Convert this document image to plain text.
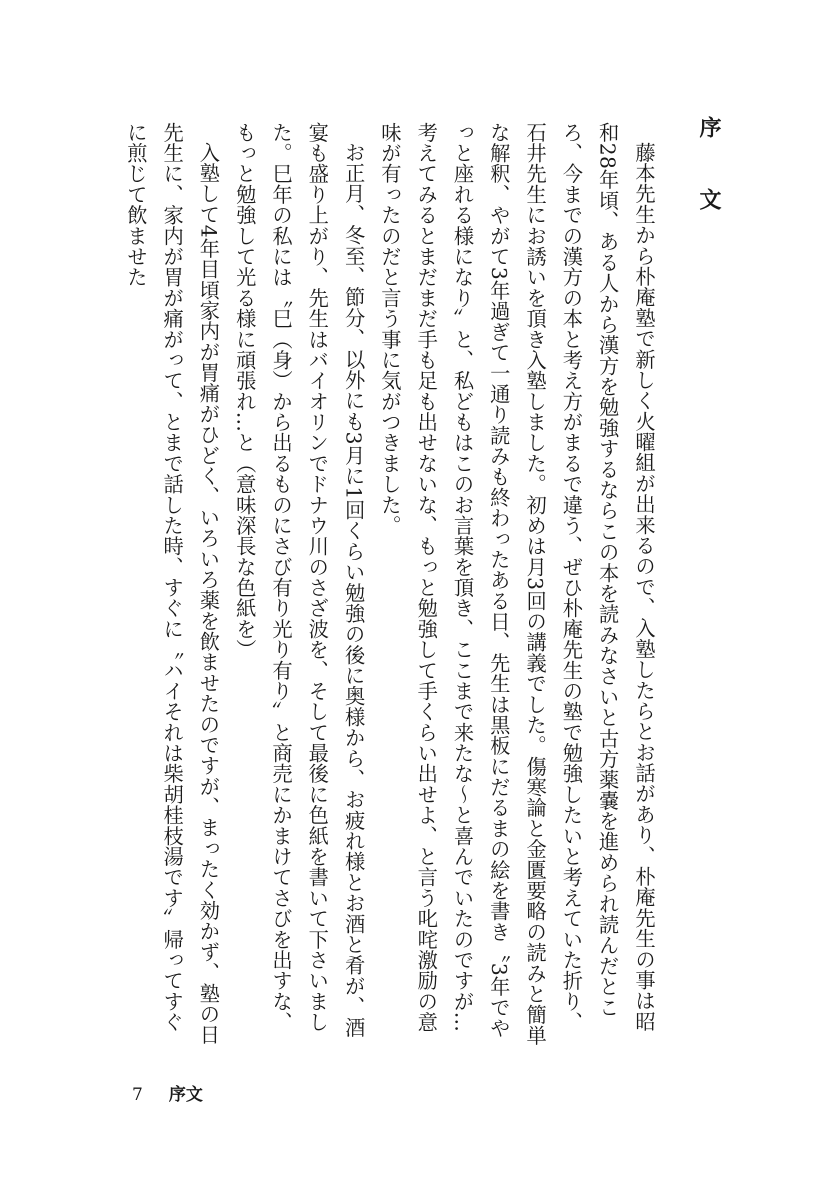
序　文

藤本先生から朴庵塾で新しく火曜組が出来るので、入塾したらとお話があり、朴庵先生の事は昭和28年頃、ある人から漢方を勉強するならこの本を読みなさいと古方薬嚢を進められ読んだところ、今までの漢方の本と考え方がまるで違う、ぜひ朴庵先生の塾で勉強したいと考えていた折り、石井先生にお誘いを頂き入塾しました。初めは月3回の講義でした。傷寒論と金匱要略の読みと簡単な解釈、やがて3年過ぎて一通り読みも終わったある日、先生は黒板にだるまの絵を書き〝3年でやっと座れる様になり〟と、私どもはこのお言葉を頂き、ここまで来たな〜と喜んでいたのですが…考えてみるとまだまだ手も足も出せないな、もっと勉強して手くらい出せよ、と言う叱咤激励の意味が有ったのだと言う事に気がつきました。

お正月、冬至、節分、以外にも3月に1回くらい勉強の後に奥様から、お疲れ様とお酒と肴が、酒宴も盛り上がり、先生はバイオリンでドナウ川のさざ波を、そして最後に色紙を書いて下さいました。巳年の私には〝巳（身）から出るものにさび有り光り有り〟と商売にかまけてさびを出すな、もっと勉強して光る様に頑張れ…と（意味深長な色紙を）

入塾して4年目頃家内が胃痛がひどく、いろいろ薬を飲ませたのですが、まったく効かず、塾の日先生に、家内が胃が痛がって、とまで話した時、すぐに〝ハイそれは柴胡桂枝湯です〟帰ってすぐに煎じて飲ませた

7 序文
